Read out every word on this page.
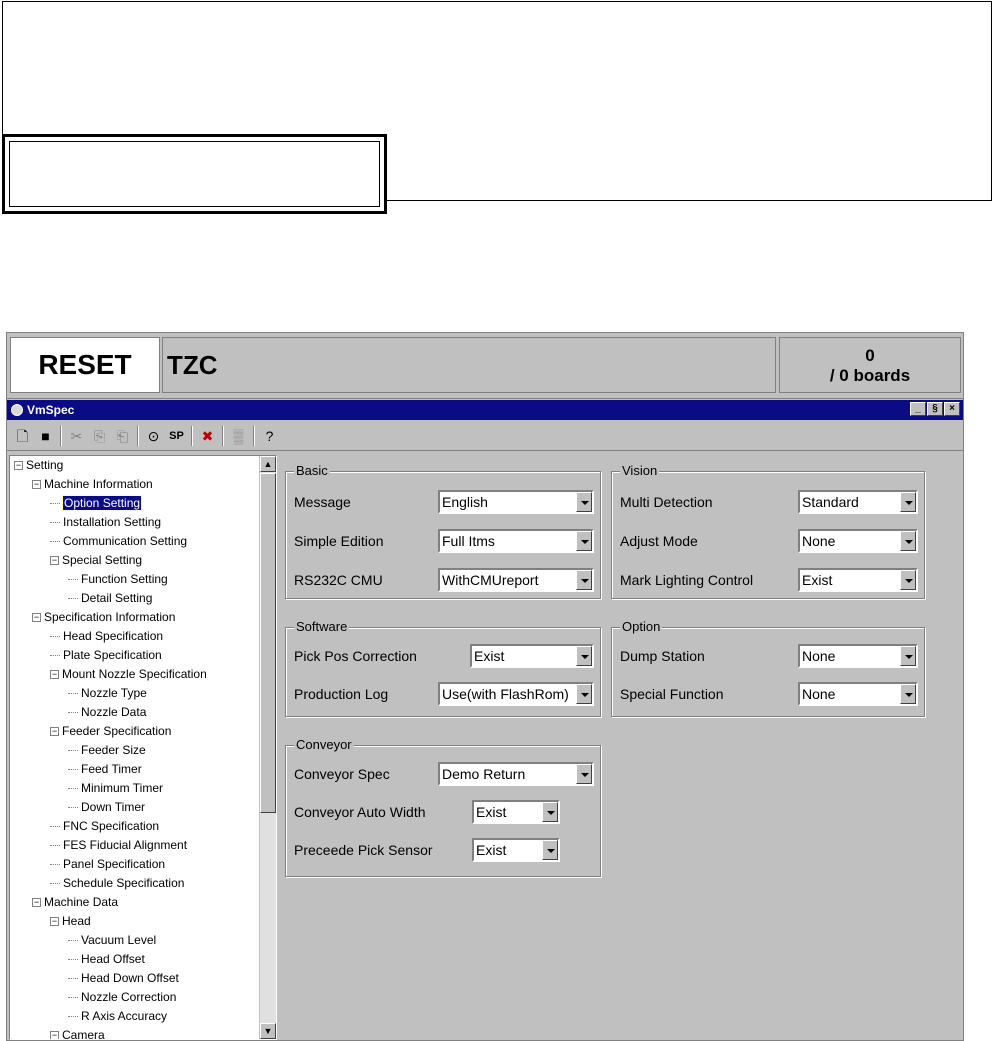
RESET	TZC	0
/ 0 boards
VmSpec	_	§	×
🗋 ■	✂ ⎘ ⎗	⊙ SP	✖	▒	?
▲
▼
− Setting
− Machine Information
Option Setting
Installation Setting
Communication Setting
− Special Setting
Function Setting
Detail Setting
− Specification Information
Head Specification
Plate Specification
− Mount Nozzle Specification
Nozzle Type
Nozzle Data
− Feeder Specification
Feeder Size
Feed Timer
Minimum Timer
Down Timer
FNC Specification
FES Fiducial Alignment
Panel Specification
Schedule Specification
− Machine Data
− Head
Vacuum Level
Head Offset
Head Down Offset
Nozzle Correction
R Axis Accuracy
− Camera
Basic
Message	English
Simple Edition	Full Itms
RS232C CMU	WithCMUreport
Vision
Multi Detection	Standard
Adjust Mode	None
Mark Lighting Control	Exist
Software
Pick Pos Correction	Exist
Production Log	Use(with FlashRom)
Option
Dump Station	None
Special Function	None
Conveyor
Conveyor Spec	Demo Return
Conveyor Auto Width	Exist
Preceede Pick Sensor	Exist
